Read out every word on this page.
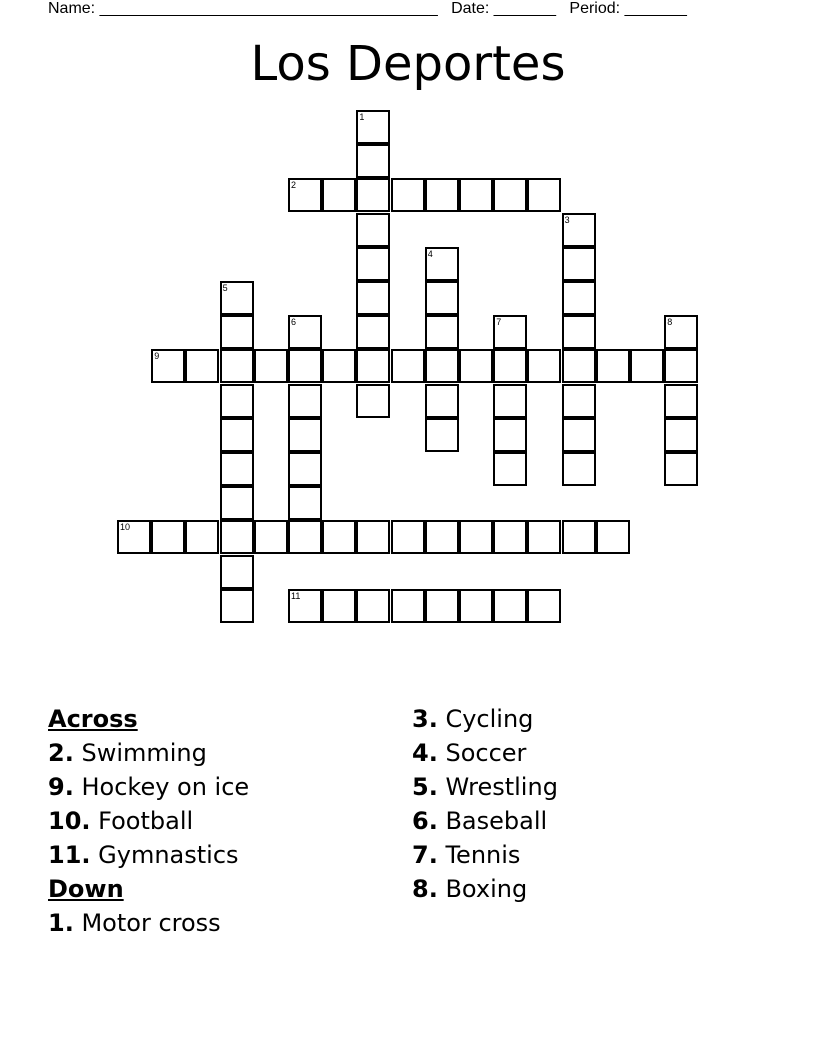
Name: ______________________________________ Date: _______ Period: _______
Los Deportes
1
2
3
4
5
6	7	8
9
10
11
Across
2. Swimming
9. Hockey on ice
10. Football
11. Gymnastics
Down
1. Motor cross
3. Cycling
4. Soccer
5. Wrestling
6. Baseball
7. Tennis
8. Boxing
